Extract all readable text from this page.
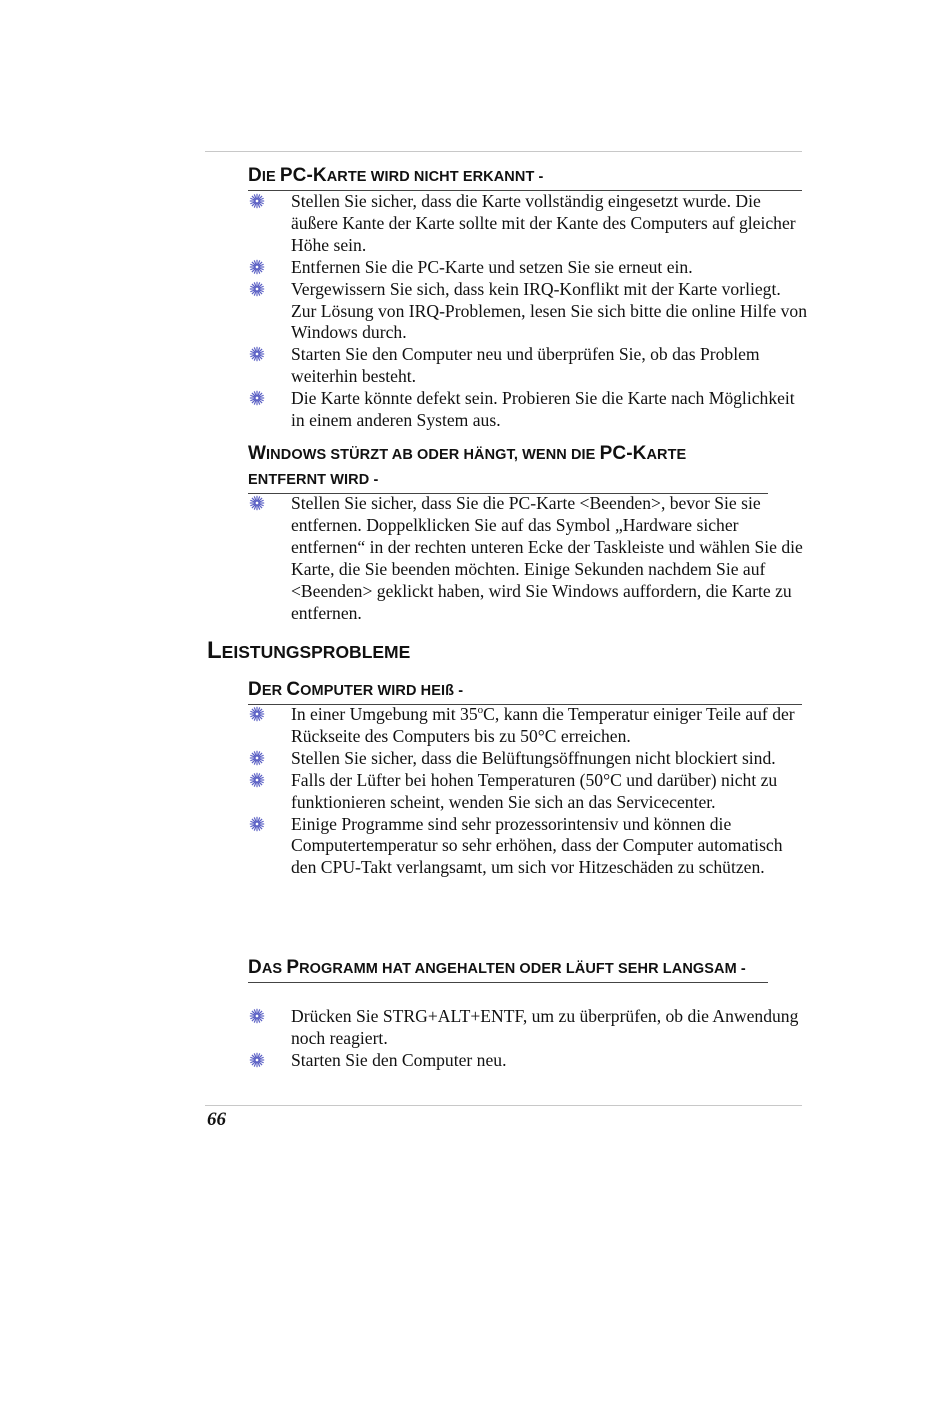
DIE PC-KARTE WIRD NICHT ERKANNT -
Stellen Sie sicher, dass die Karte vollständig eingesetzt wurde. Die äußere Kante der Karte sollte mit der Kante des Computers auf gleicher Höhe sein.
Entfernen Sie die PC-Karte und setzen Sie sie erneut ein.
Vergewissern Sie sich, dass kein IRQ-Konflikt mit der Karte vorliegt. Zur Lösung von IRQ-Problemen, lesen Sie sich bitte die online Hilfe von Windows durch.
Starten Sie den Computer neu und überprüfen Sie, ob das Problem weiterhin besteht.
Die Karte könnte defekt sein. Probieren Sie die Karte nach Möglichkeit in einem anderen System aus.
WINDOWS STÜRZT AB ODER HÄNGT, WENN DIE PC-KARTE ENTFERNT WIRD -
Stellen Sie sicher, dass Sie die PC-Karte <Beenden>, bevor Sie sie entfernen. Doppelklicken Sie auf das Symbol „Hardware sicher entfernen“ in der rechten unteren Ecke der Taskleiste und wählen Sie die Karte, die Sie beenden möchten. Einige Sekunden nachdem Sie auf <Beenden> geklickt haben, wird Sie Windows auffordern, die Karte zu entfernen.
LEISTUNGSPROBLEME
DER COMPUTER WIRD HEIß -
In einer Umgebung mit 35$^o$C, kann die Temperatur einiger Teile auf der Rückseite des Computers bis zu 50°C erreichen.
Stellen Sie sicher, dass die Belüftungsöffnungen nicht blockiert sind.
Falls der Lüfter bei hohen Temperaturen (50°C und darüber) nicht zu funktionieren scheint, wenden Sie sich an das Servicecenter.
Einige Programme sind sehr prozessorintensiv und können die Computertemperatur so sehr erhöhen, dass der Computer automatisch den CPU-Takt verlangsamt, um sich vor Hitzeschäden zu schützen.
DAS PROGRAMM HAT ANGEHALTEN ODER LÄUFT SEHR LANGSAM -
Drücken Sie STRG+ALT+ENTF, um zu überprüfen, ob die Anwendung noch reagiert.
Starten Sie den Computer neu.
66
